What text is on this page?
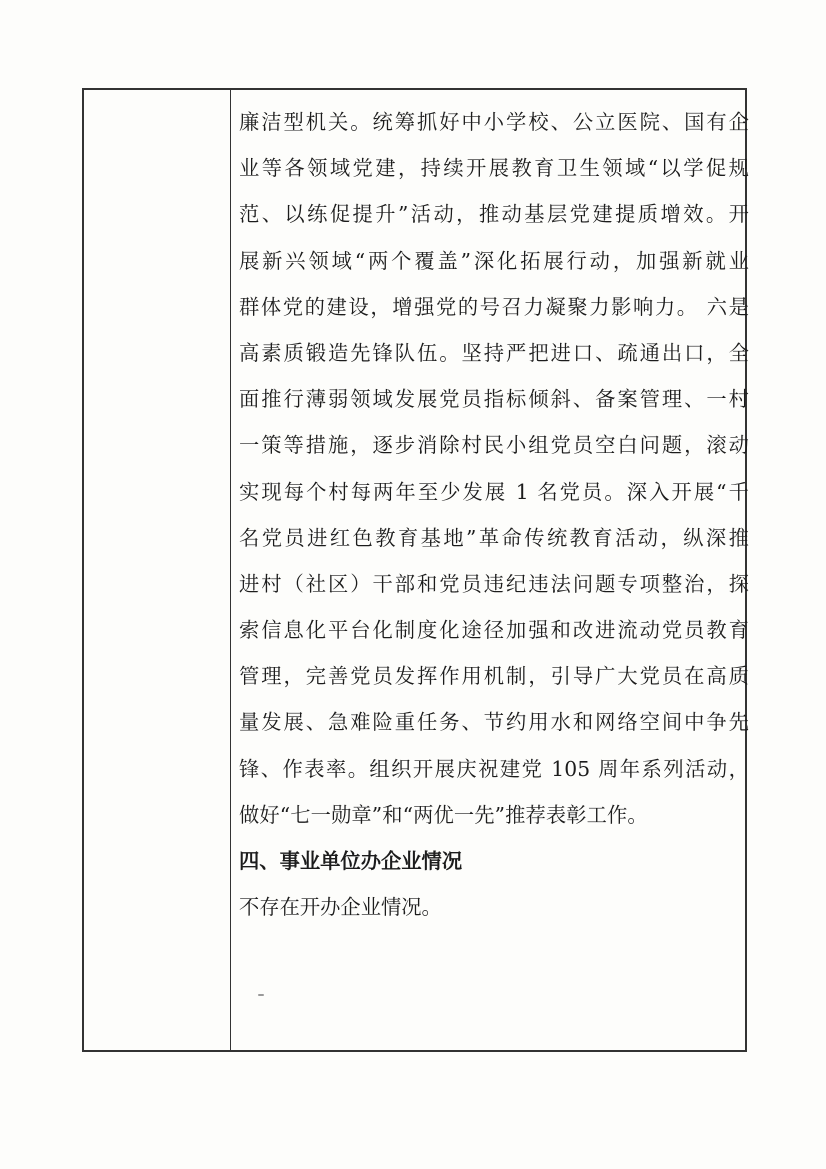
廉洁型机关。统筹抓好中小学校、公立医院、国有企
业等各领域党建，持续开展教育卫生领域“以学促规
范、以练促提升”活动，推动基层党建提质增效。开
展新兴领域“两个覆盖”深化拓展行动，加强新就业
群体党的建设，增强党的号召力凝聚力影响力。 六是
高素质锻造先锋队伍。坚持严把进口、疏通出口，全
面推行薄弱领域发展党员指标倾斜、备案管理、一村
一策等措施，逐步消除村民小组党员空白问题，滚动
实现每个村每两年至少发展 1 名党员。深入开展“千
名党员进红色教育基地”革命传统教育活动，纵深推
进村（社区）干部和党员违纪违法问题专项整治，探
索信息化平台化制度化途径加强和改进流动党员教育
管理，完善党员发挥作用机制，引导广大党员在高质
量发展、急难险重任务、节约用水和网络空间中争先
锋、作表率。组织开展庆祝建党 105 周年系列活动，
做好“七一勋章”和“两优一先”推荐表彰工作。
四、事业单位办企业情况
不存在开办企业情况。
